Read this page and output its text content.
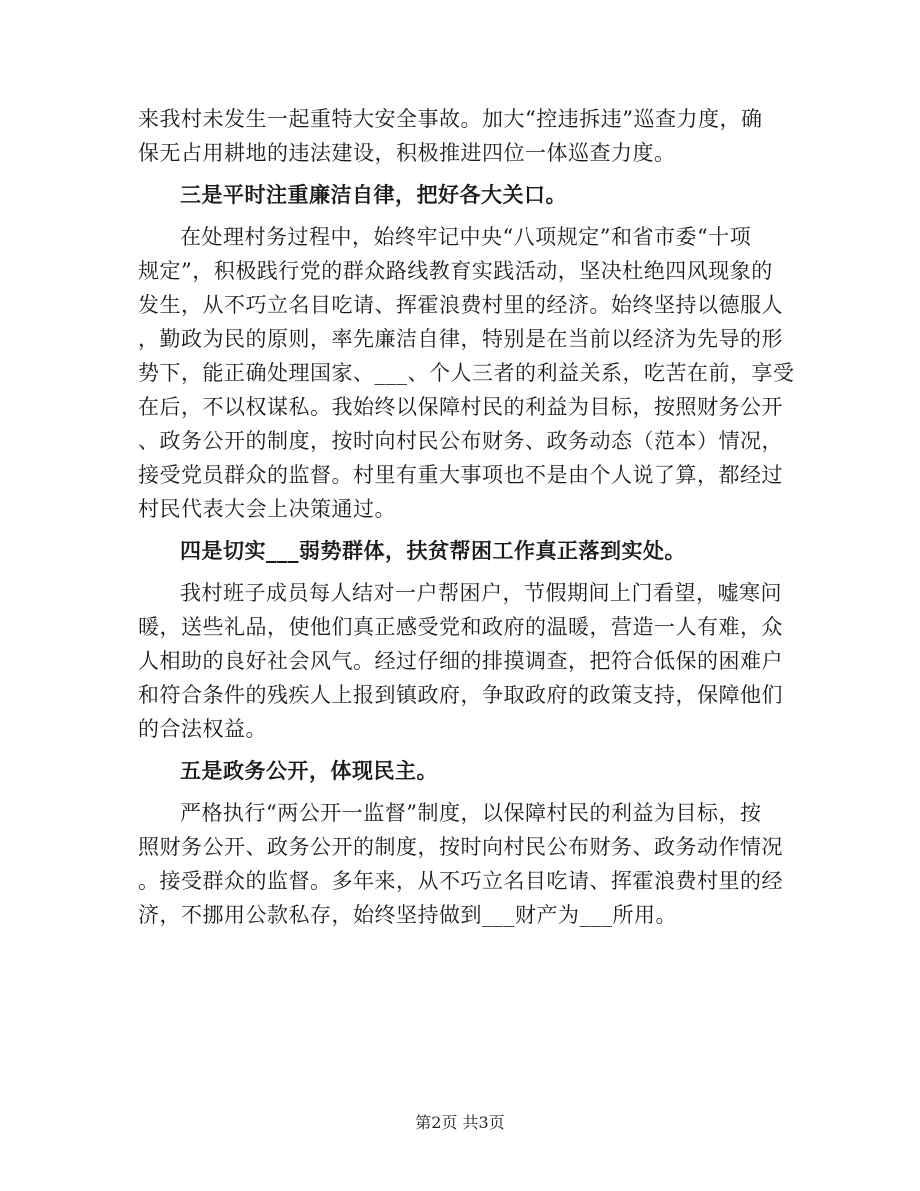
来我村未发生一起重特大安全事故。加大“控违拆违”巡查力度，确
保无占用耕地的违法建设，积极推进四位一体巡查力度。
三是平时注重廉洁自律，把好各大关口。
在处理村务过程中，始终牢记中央“八项规定”和省市委“十项
规定”，积极践行党的群众路线教育实践活动，坚决杜绝四风现象的
发生，从不巧立名目吃请、挥霍浪费村里的经济。始终坚持以德服人
，勤政为民的原则，率先廉洁自律，特别是在当前以经济为先导的形
势下，能正确处理国家、___、个人三者的利益关系，吃苦在前，享受
在后，不以权谋私。我始终以保障村民的利益为目标，按照财务公开
、政务公开的制度，按时向村民公布财务、政务动态（范本）情况，
接受党员群众的监督。村里有重大事项也不是由个人说了算，都经过
村民代表大会上决策通过。
四是切实___弱势群体，扶贫帮困工作真正落到实处。
我村班子成员每人结对一户帮困户，节假期间上门看望，嘘寒问
暖，送些礼品，使他们真正感受党和政府的温暖，营造一人有难，众
人相助的良好社会风气。经过仔细的排摸调查，把符合低保的困难户
和符合条件的残疾人上报到镇政府，争取政府的政策支持，保障他们
的合法权益。
五是政务公开，体现民主。
严格执行“两公开一监督”制度，以保障村民的利益为目标，按
照财务公开、政务公开的制度，按时向村民公布财务、政务动作情况
。接受群众的监督。多年来，从不巧立名目吃请、挥霍浪费村里的经
济，不挪用公款私存，始终坚持做到___财产为___所用。
第2页 共3页
